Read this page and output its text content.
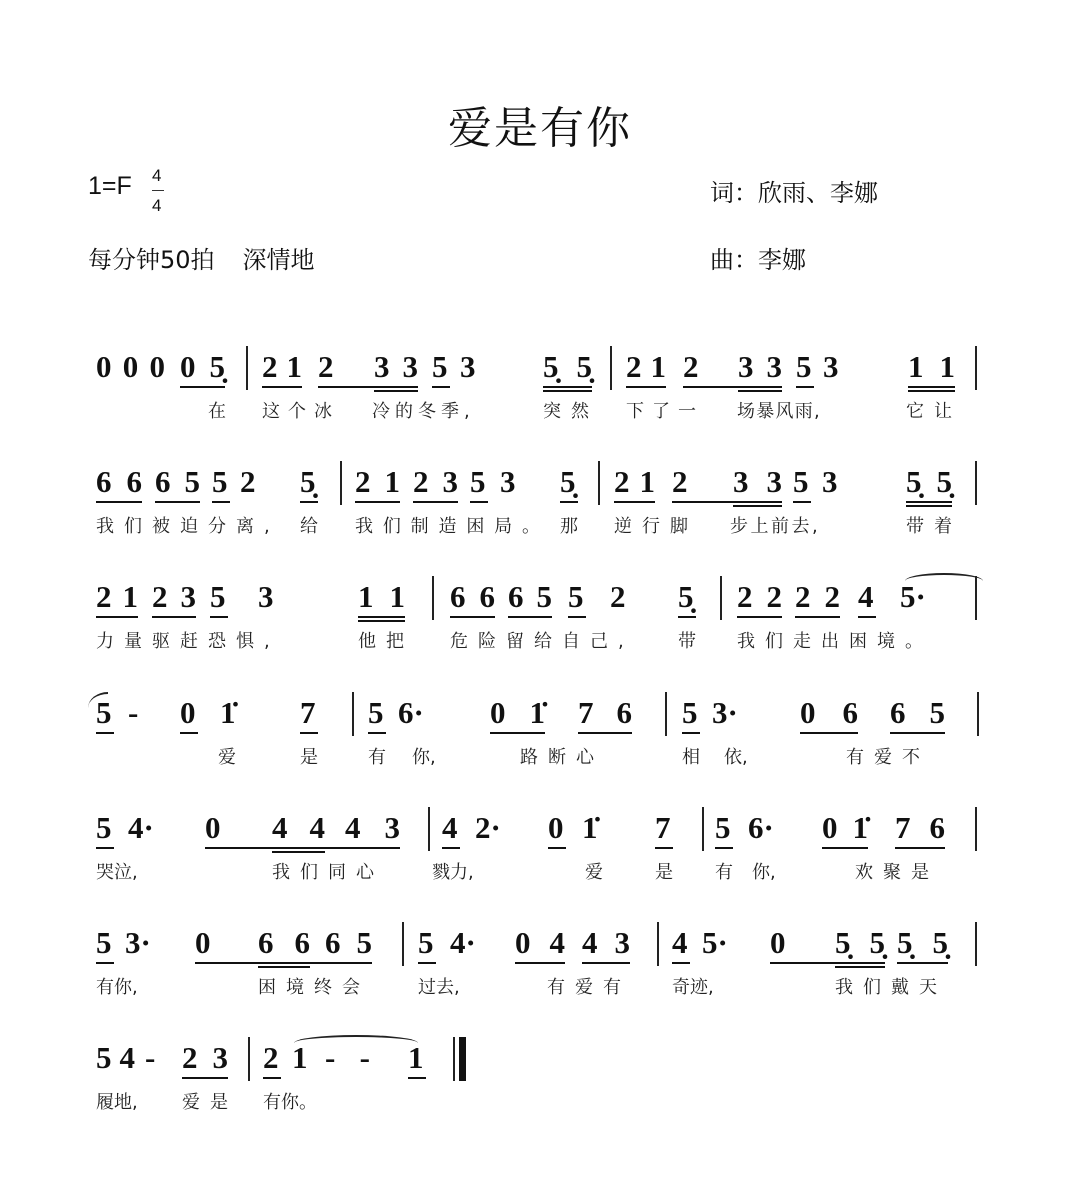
爱是有你
1=F 4
4
每分钟50拍 深情地
词：欣雨、李娜
曲：李娜
0 0 0 0 5̣ 2 1 2 3 3 5 3 5̣ 5̣ 2 1 2 3 3 5 3 1 1
在 这个冰 冷的冬季,	突然 下了一 场暴风雨,	它让
6 6 6 5 5 2 5̣ 2 1 2 3 5 3 5̣ 2 1 2 3 3 5 3 5̣ 5̣
我们被迫分离, 给 我们制造困局。 那 逆行脚 步上前去,	带着
2 1 2 3 5 3	1 1 6 6 6 5 5 2 5̣ 2 2 2 2 4 5·
力量驱赶恐惧,	他把 危险留给自己, 带 我们走出困境。
5 - 0 1̇ 7 5 6· 0 1̇ 7 6 5 3· 0 6 6 5
爱	是	有 你,	路断心	相 依,	有爱不
5 4· 0 4 4 4 3 4 2· 0 1̇ 7 5 6· 0 1̇ 7 6
哭泣,	我们同心	戮力,	爱	是 有 你,	欢聚是
5 3· 0 6 6 6 5 5 4· 0 4 4 3 4 5· 0 5̣ 5̣ 5̣ 5̣
有你,	困境终会	过去,	有爱有 奇迹,	我们戴天
5 4 - 2 3 2 1 - - 1
履地, 爱是 有你。
